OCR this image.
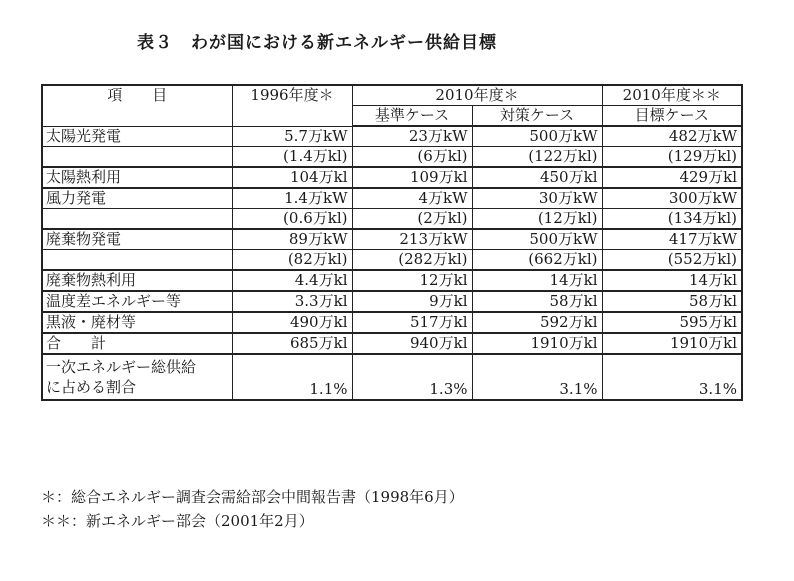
表３　わが国における新エネルギー供給目標
項　　目	1996年度＊	2010年度＊		2010年度＊＊
		基準ケース	対策ケース	目標ケース
太陽光発電	5.7万kW	23万kW	500万kW	482万kW
	(1.4万kl)	(6万kl)	(122万kl)	(129万kl)
太陽熱利用	104万kl	109万kl	450万kl	429万kl
風力発電	1.4万kW	4万kW	30万kW	300万kW
	(0.6万kl)	(2万kl)	(12万kl)	(134万kl)
廃棄物発電	89万kW	213万kW	500万kW	417万kW
	(82万kl)	(282万kl)	(662万kl)	(552万kl)
廃棄物熱利用	4.4万kl	12万kl	14万kl	14万kl
温度差エネルギー等	3.3万kl	9万kl	58万kl	58万kl
黒液・廃材等	490万kl	517万kl	592万kl	595万kl
合　　計	685万kl	940万kl	1910万kl	1910万kl

一次エネルギー総供給
に占める割合	1.1%	1.3%	3.1%	3.1%
＊：総合エネルギー調査会需給部会中間報告書（1998年6月）
＊＊：新エネルギー部会（2001年2月）
